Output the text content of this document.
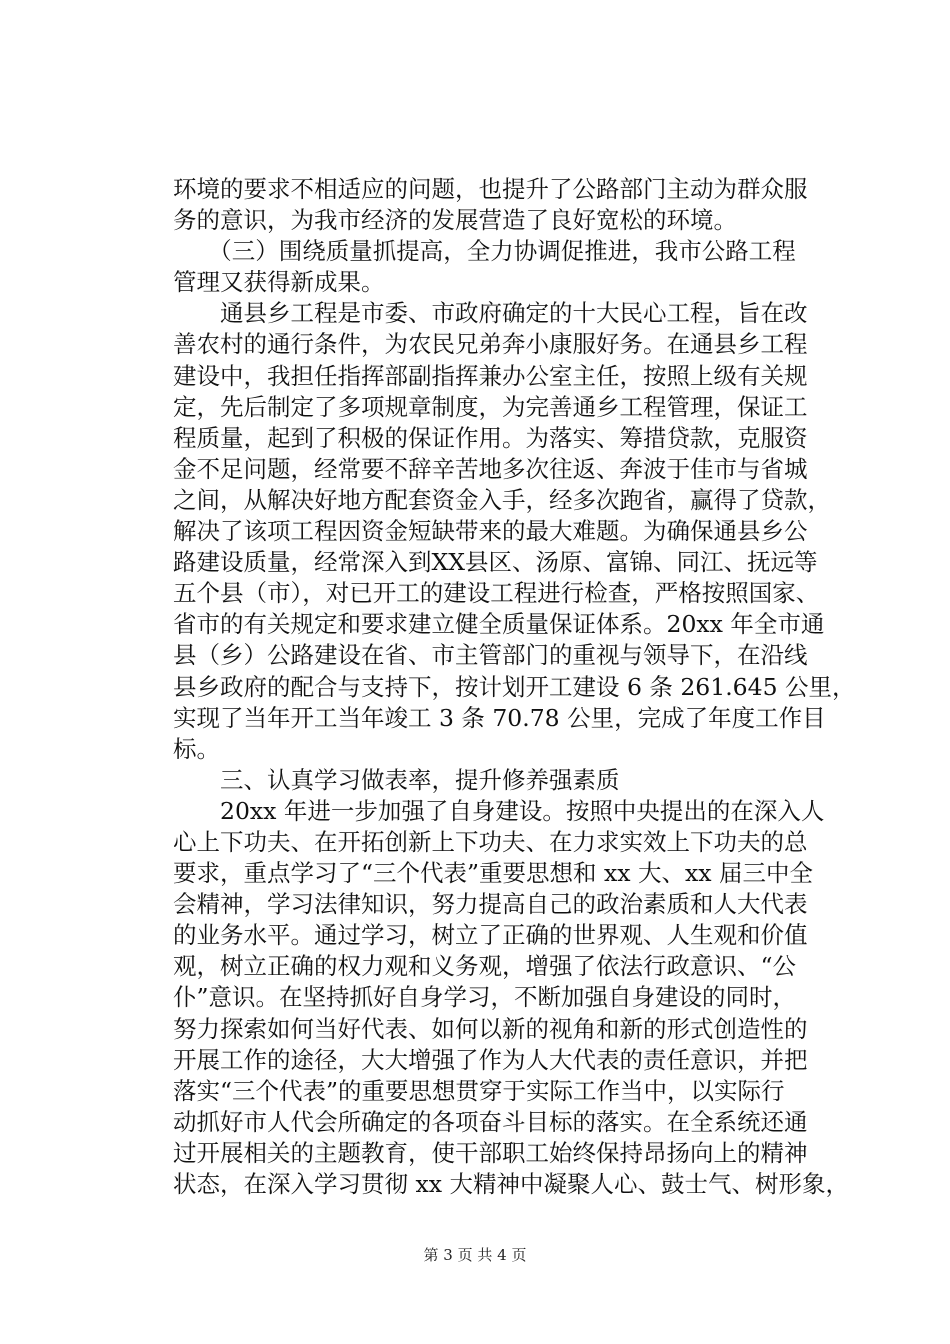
环境的要求不相适应的问题，也提升了公路部门主动为群众服
务的意识，为我市经济的发展营造了良好宽松的环境。
　　（三）围绕质量抓提高，全力协调促推进，我市公路工程
管理又获得新成果。
　　通县乡工程是市委、市政府确定的十大民心工程，旨在改
善农村的通行条件，为农民兄弟奔小康服好务。在通县乡工程
建设中，我担任指挥部副指挥兼办公室主任，按照上级有关规
定，先后制定了多项规章制度，为完善通乡工程管理，保证工
程质量，起到了积极的保证作用。为落实、筹措贷款，克服资
金不足问题，经常要不辞辛苦地多次往返、奔波于佳市与省城
之间，从解决好地方配套资金入手，经多次跑省，赢得了贷款，
解决了该项工程因资金短缺带来的最大难题。为确保通县乡公
路建设质量，经常深入到XX县区、汤原、富锦、同江、抚远等
五个县（市），对已开工的建设工程进行检查，严格按照国家、
省市的有关规定和要求建立健全质量保证体系。20xx 年全市通
县（乡）公路建设在省、市主管部门的重视与领导下，在沿线
县乡政府的配合与支持下，按计划开工建设 6 条 261.645 公里，
实现了当年开工当年竣工 3 条 70.78 公里，完成了年度工作目
标。
　　三、认真学习做表率，提升修养强素质
　　20xx 年进一步加强了自身建设。按照中央提出的在深入人
心上下功夫、在开拓创新上下功夫、在力求实效上下功夫的总
要求，重点学习了“三个代表”重要思想和 xx 大、xx 届三中全
会精神，学习法律知识，努力提高自己的政治素质和人大代表
的业务水平。通过学习，树立了正确的世界观、人生观和价值
观，树立正确的权力观和义务观，增强了依法行政意识、“公
仆”意识。在坚持抓好自身学习，不断加强自身建设的同时，
努力探索如何当好代表、如何以新的视角和新的形式创造性的
开展工作的途径，大大增强了作为人大代表的责任意识，并把
落实“三个代表”的重要思想贯穿于实际工作当中，以实际行
动抓好市人代会所确定的各项奋斗目标的落实。在全系统还通
过开展相关的主题教育，使干部职工始终保持昂扬向上的精神
状态，在深入学习贯彻 xx 大精神中凝聚人心、鼓士气、树形象，

第 3 页 共 4 页
